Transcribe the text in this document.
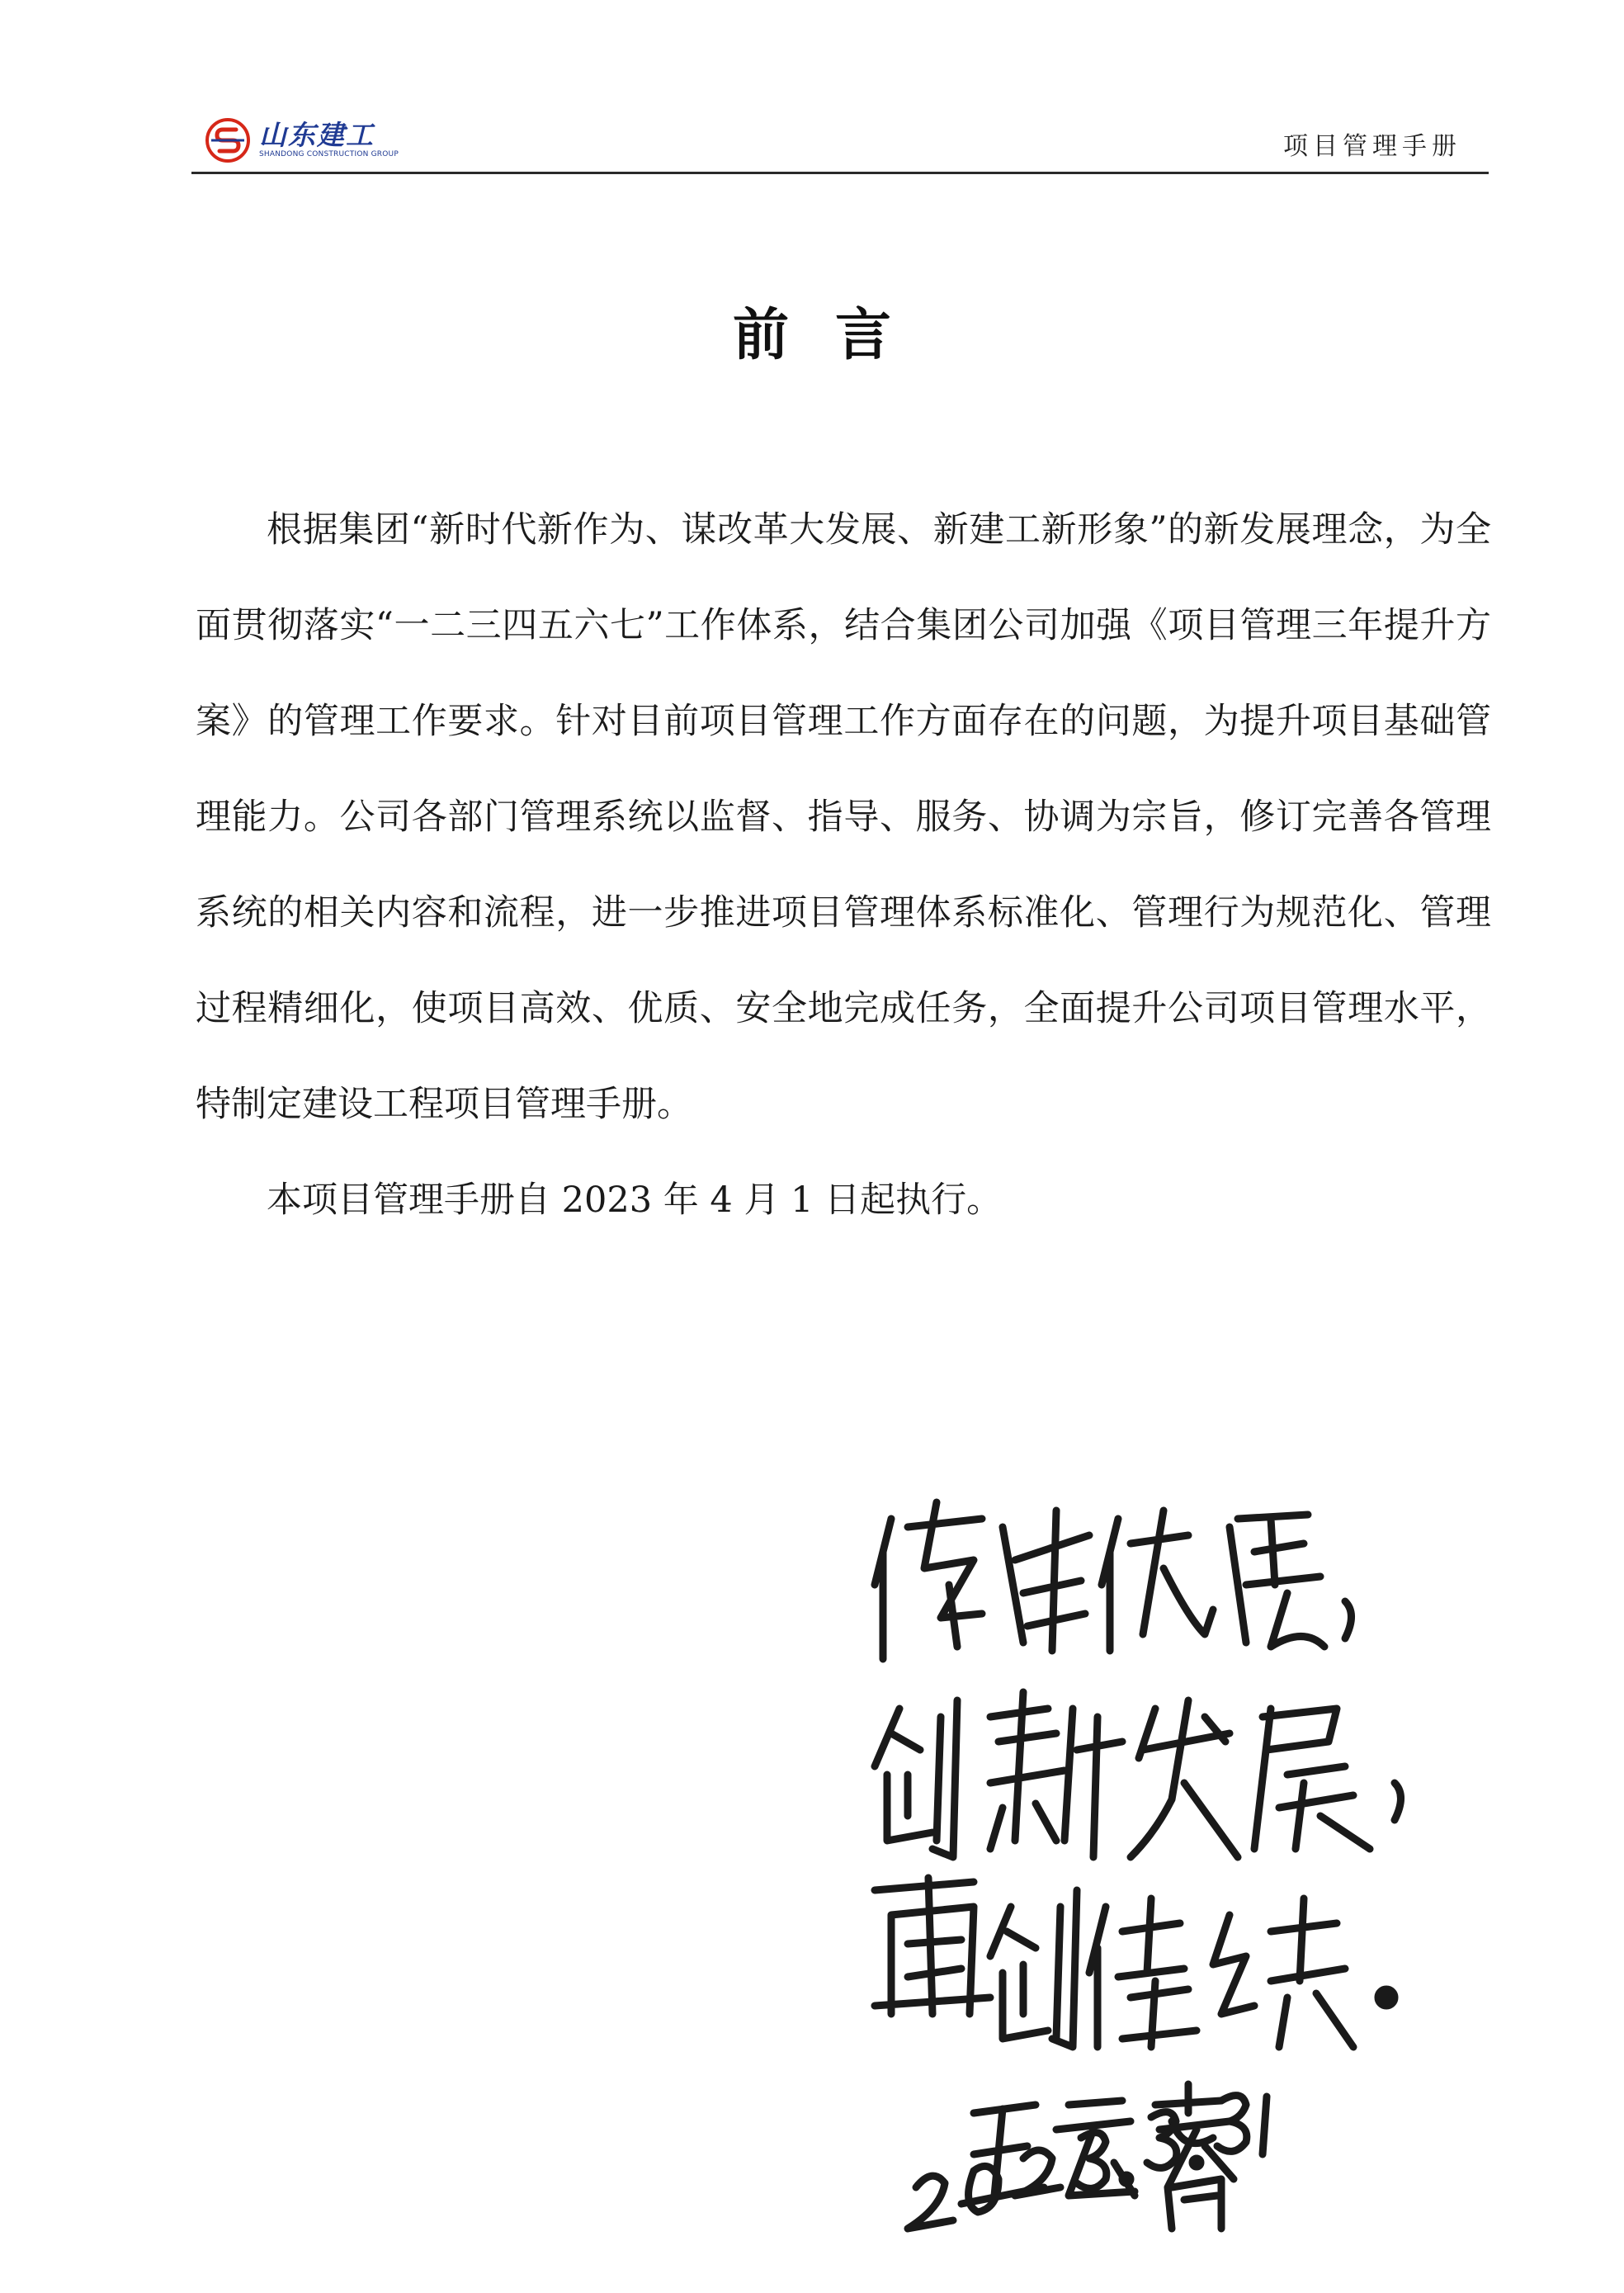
山东建工
SHANDONG CONSTRUCTION GROUP	项目管理手册
前言

根据集团“新时代新作为、谋改革大发展、新建工新形象”的新发展理念，为全面贯彻落实“一二三四五六七”工作体系，结合集团公司加强《项目管理三年提升方案》的管理工作要求。针对目前项目管理工作方面存在的问题，为提升项目基础管理能力。公司各部门管理系统以监督、指导、服务、协调为宗旨，修订完善各管理系统的相关内容和流程，进一步推进项目管理体系标准化、管理行为规范化、管理过程精细化，使项目高效、优质、安全地完成任务，全面提升公司项目管理水平，特制定建设工程项目管理手册。

本项目管理手册自 2023 年 4 月 1 日起执行。
